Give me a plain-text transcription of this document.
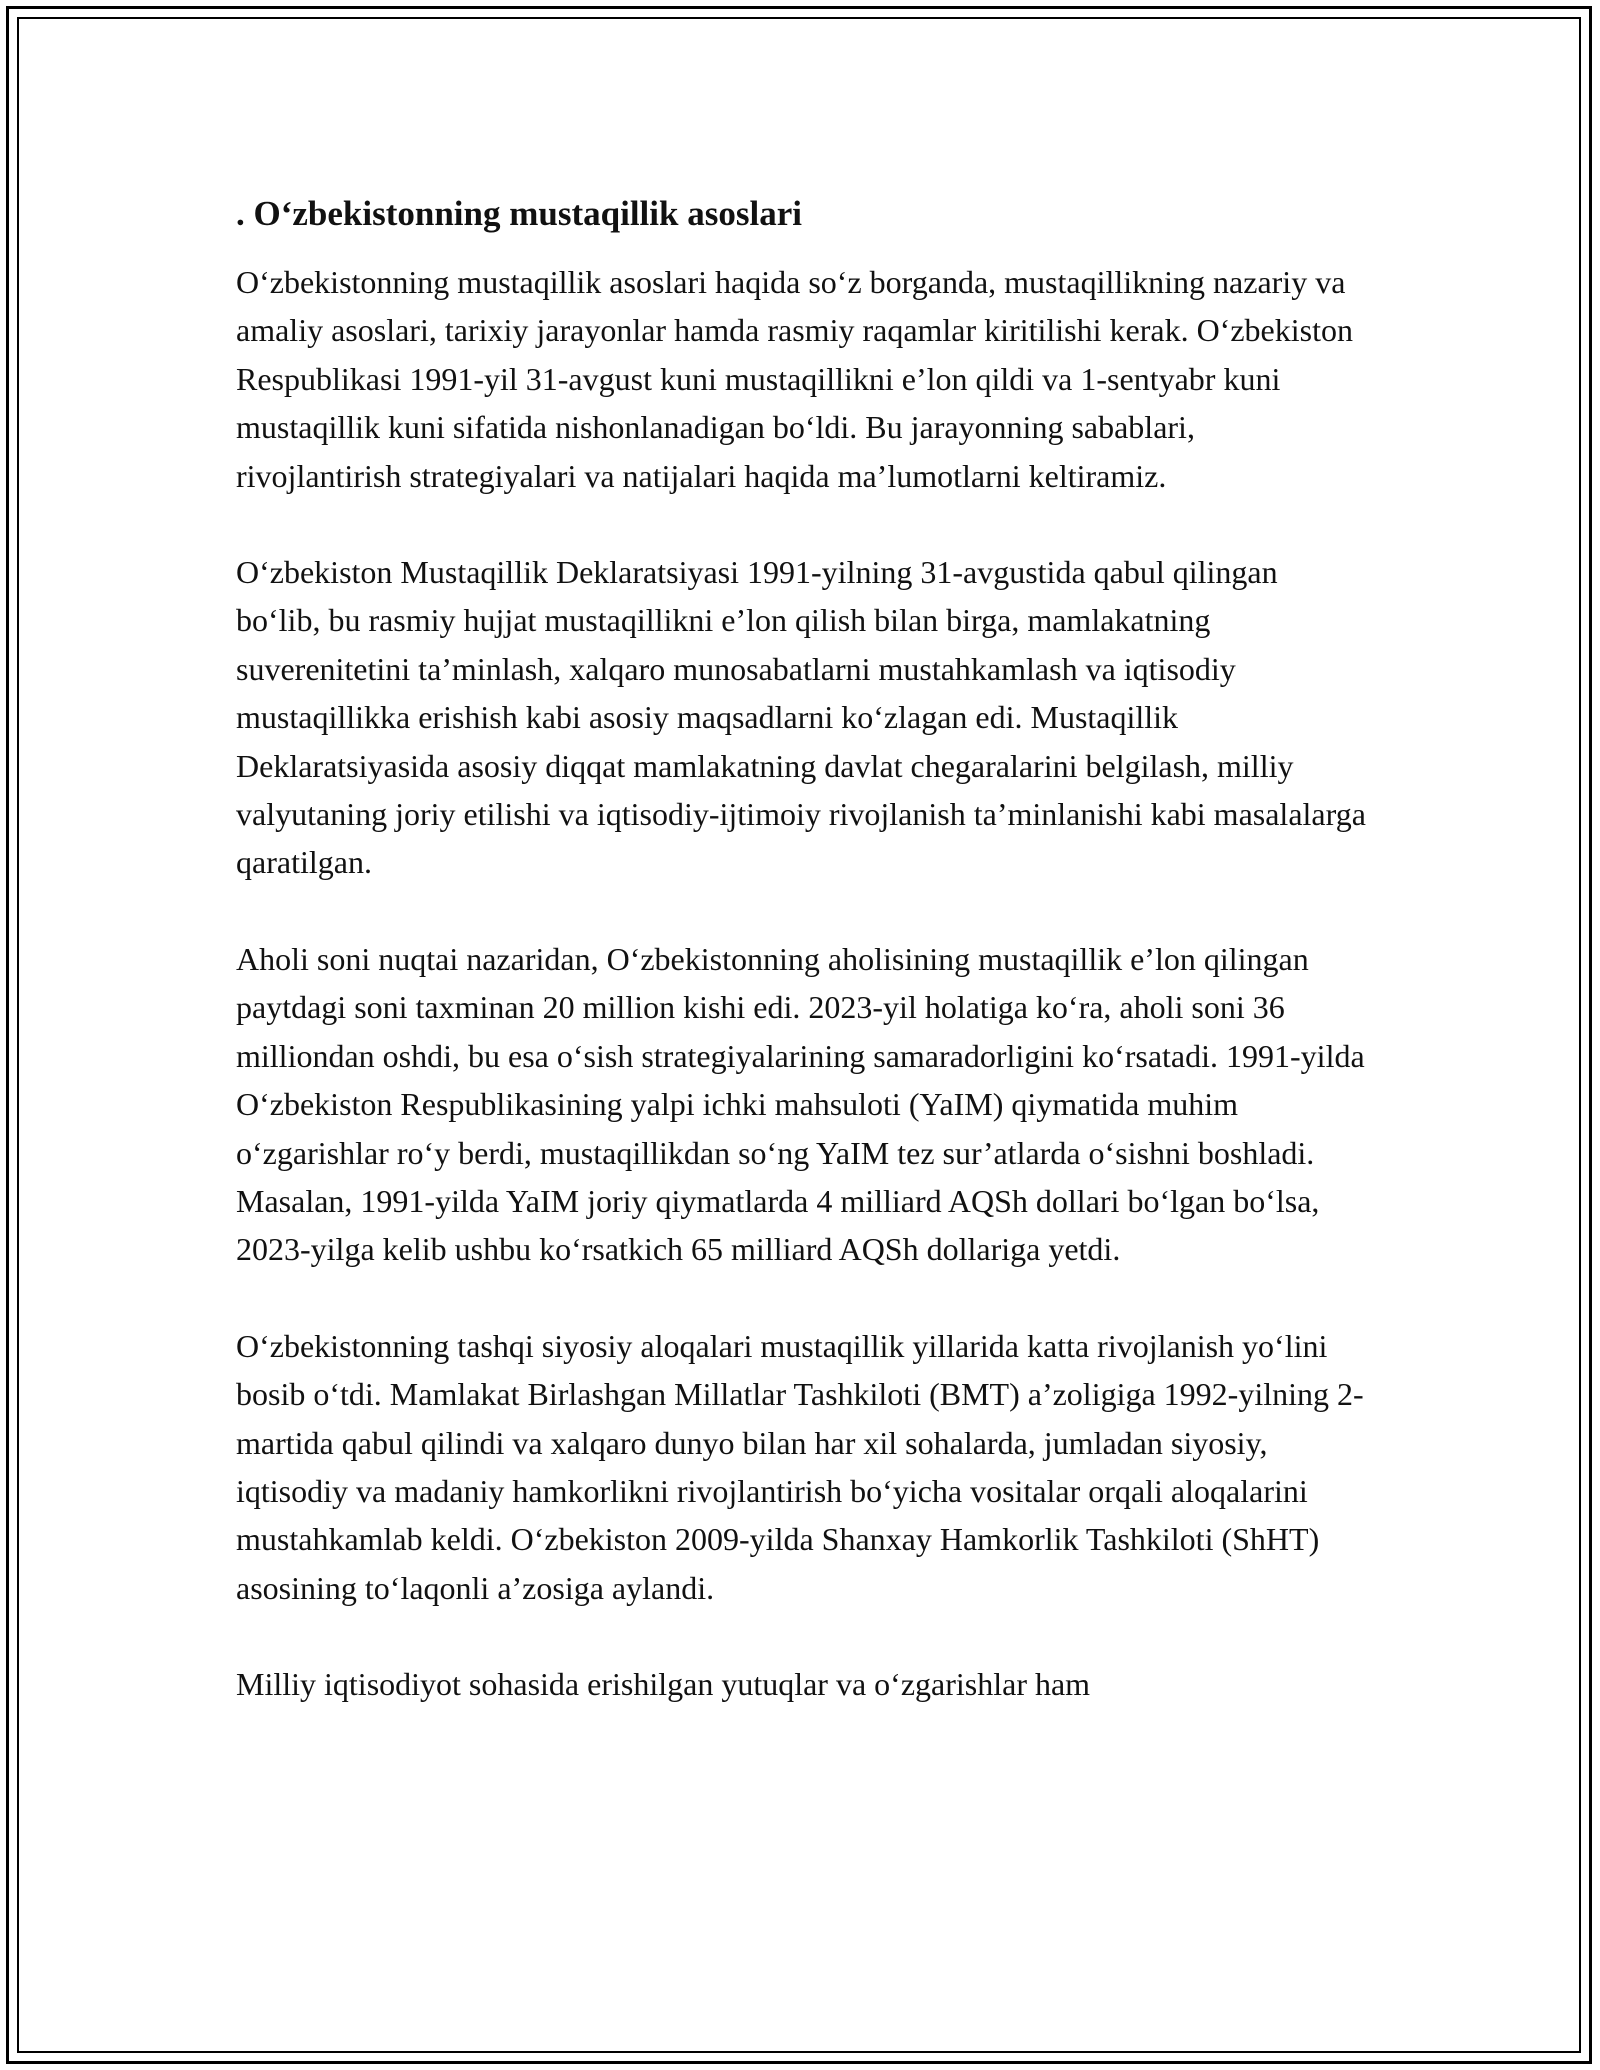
. O‘zbekistonning mustaqillik asoslari

O‘zbekistonning mustaqillik asoslari haqida so‘z borganda, mustaqillikning nazariy va amaliy asoslari, tarixiy jarayonlar hamda rasmiy raqamlar kiritilishi kerak. O‘zbekiston Respublikasi 1991-yil 31-avgust kuni mustaqillikni e’lon qildi va 1-sentyabr kuni mustaqillik kuni sifatida nishonlanadigan bo‘ldi. Bu jarayonning sabablari, rivojlantirish strategiyalari va natijalari haqida ma’lumotlarni keltiramiz.

O‘zbekiston Mustaqillik Deklaratsiyasi 1991-yilning 31-avgustida qabul qilingan bo‘lib, bu rasmiy hujjat mustaqillikni e’lon qilish bilan birga, mamlakatning suverenitetini ta’minlash, xalqaro munosabatlarni mustahkamlash va iqtisodiy mustaqillikka erishish kabi asosiy maqsadlarni ko‘zlagan edi. Mustaqillik Deklaratsiyasida asosiy diqqat mamlakatning davlat chegaralarini belgilash, milliy valyutaning joriy etilishi va iqtisodiy-ijtimoiy rivojlanish ta’minlanishi kabi masalalarga qaratilgan.

Aholi soni nuqtai nazaridan, O‘zbekistonning aholisining mustaqillik e’lon qilingan paytdagi soni taxminan 20 million kishi edi. 2023-yil holatiga ko‘ra, aholi soni 36 milliondan oshdi, bu esa o‘sish strategiyalarining samaradorligini ko‘rsatadi. 1991-yilda O‘zbekiston Respublikasining yalpi ichki mahsuloti (YaIM) qiymatida muhim o‘zgarishlar ro‘y berdi, mustaqillikdan so‘ng YaIM tez sur’atlarda o‘sishni boshladi. Masalan, 1991-yilda YaIM joriy qiymatlarda 4 milliard AQSh dollari bo‘lgan bo‘lsa, 2023-yilga kelib ushbu ko‘rsatkich 65 milliard AQSh dollariga yetdi.

O‘zbekistonning tashqi siyosiy aloqalari mustaqillik yillarida katta rivojlanish yo‘lini bosib o‘tdi. Mamlakat Birlashgan Millatlar Tashkiloti (BMT) a’zoligiga 1992-yilning 2-martida qabul qilindi va xalqaro dunyo bilan har xil sohalarda, jumladan siyosiy, iqtisodiy va madaniy hamkorlikni rivojlantirish bo‘yicha vositalar orqali aloqalarini mustahkamlab keldi. O‘zbekiston 2009-yilda Shanxay Hamkorlik Tashkiloti (ShHT) asosining to‘laqonli a’zosiga aylandi.

Milliy iqtisodiyot sohasida erishilgan yutuqlar va o‘zgarishlar ham
